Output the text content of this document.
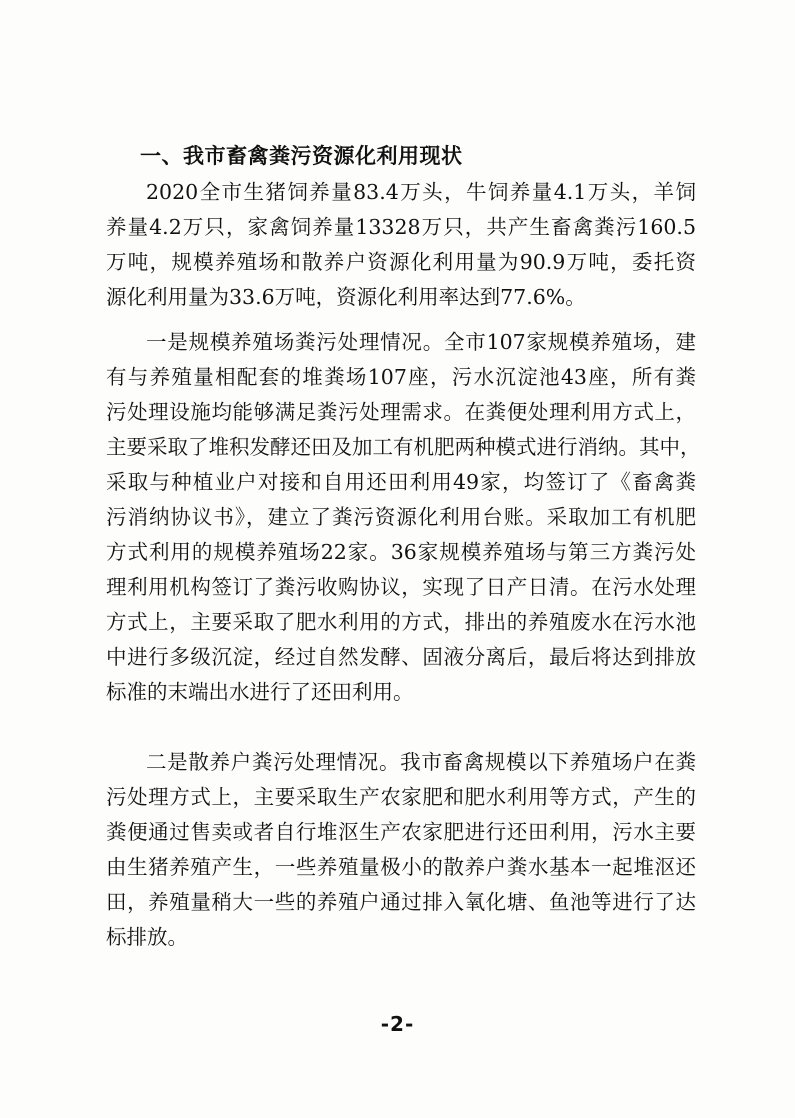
一、我市畜禽粪污资源化利用现状
2020全市生猪饲养量83.4万头，牛饲养量4.1万头，羊饲
养量4.2万只，家禽饲养量13328万只，共产生畜禽粪污160.5
万吨，规模养殖场和散养户资源化利用量为90.9万吨，委托资
源化利用量为33.6万吨，资源化利用率达到77.6%。
一是规模养殖场粪污处理情况。全市107家规模养殖场，建
有与养殖量相配套的堆粪场107座，污水沉淀池43座，所有粪
污处理设施均能够满足粪污处理需求。在粪便处理利用方式上，
主要采取了堆积发酵还田及加工有机肥两种模式进行消纳。其中，
采取与种植业户对接和自用还田利用49家，均签订了《畜禽粪
污消纳协议书》，建立了粪污资源化利用台账。采取加工有机肥
方式利用的规模养殖场22家。36家规模养殖场与第三方粪污处
理利用机构签订了粪污收购协议，实现了日产日清。在污水处理
方式上，主要采取了肥水利用的方式，排出的养殖废水在污水池
中进行多级沉淀，经过自然发酵、固液分离后，最后将达到排放
标准的末端出水进行了还田利用。
二是散养户粪污处理情况。我市畜禽规模以下养殖场户在粪
污处理方式上，主要采取生产农家肥和肥水利用等方式，产生的
粪便通过售卖或者自行堆沤生产农家肥进行还田利用，污水主要
由生猪养殖产生，一些养殖量极小的散养户粪水基本一起堆沤还
田，养殖量稍大一些的养殖户通过排入氧化塘、鱼池等进行了达
标排放。
-2-
